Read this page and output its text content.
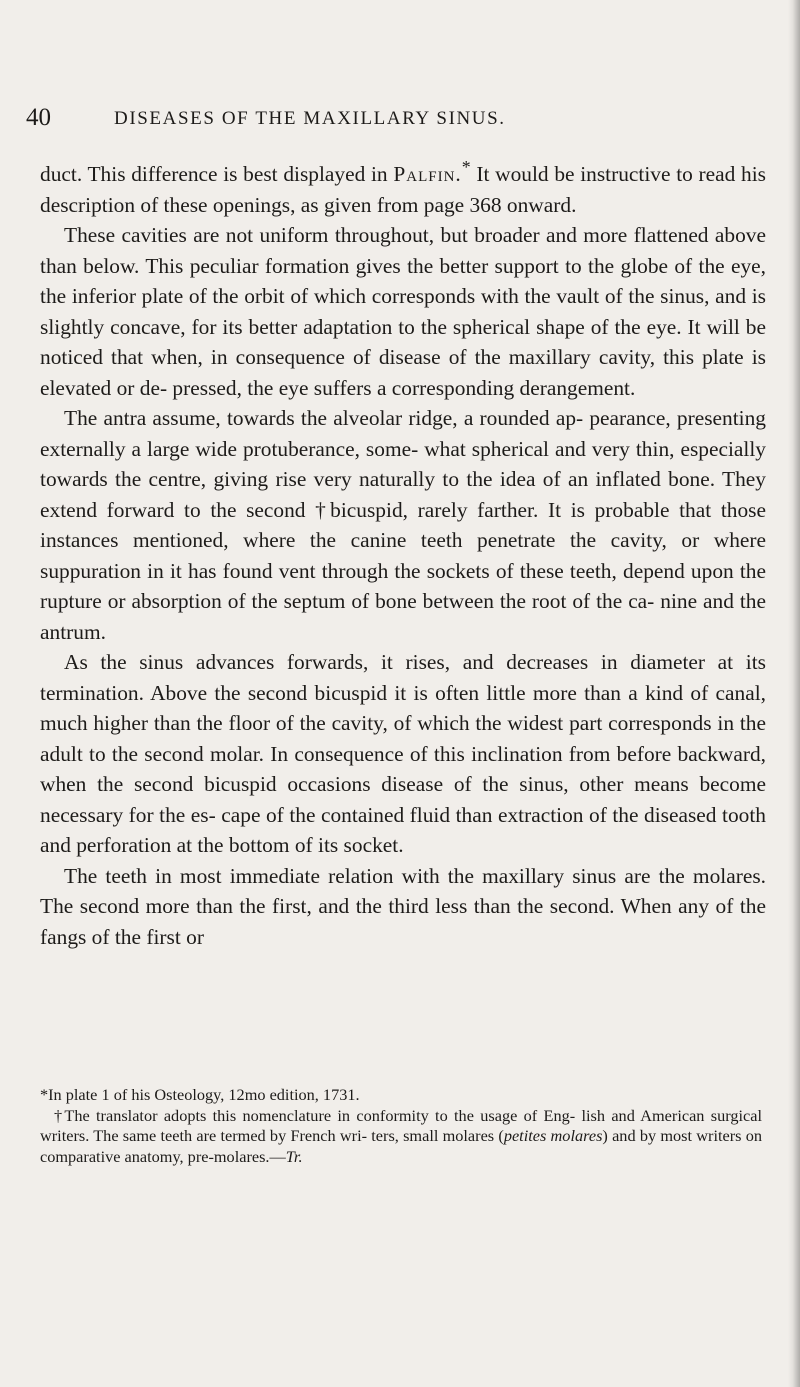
40	DISEASES OF THE MAXILLARY SINUS.

duct. This difference is best displayed in Palfin.* It would be instructive to read his description of these openings, as given from page 368 onward.

These cavities are not uniform throughout, but broader and more flattened above than below. This peculiar formation gives the better support to the globe of the eye, the inferior plate of the orbit of which corresponds with the vault of the sinus, and is slightly concave, for its better adaptation to the spherical shape of the eye. It will be noticed that when, in consequence of disease of the maxillary cavity, this plate is elevated or de- pressed, the eye suffers a corresponding derangement.

The antra assume, towards the alveolar ridge, a rounded ap- pearance, presenting externally a large wide protuberance, some- what spherical and very thin, especially towards the centre, giving rise very naturally to the idea of an inflated bone. They extend forward to the second †bicuspid, rarely farther. It is probable that those instances mentioned, where the canine teeth penetrate the cavity, or where suppuration in it has found vent through the sockets of these teeth, depend upon the rupture or absorption of the septum of bone between the root of the ca- nine and the antrum.

As the sinus advances forwards, it rises, and decreases in diameter at its termination. Above the second bicuspid it is often little more than a kind of canal, much higher than the floor of the cavity, of which the widest part corresponds in the adult to the second molar. In consequence of this inclination from before backward, when the second bicuspid occasions disease of the sinus, other means become necessary for the es- cape of the contained fluid than extraction of the diseased tooth and perforation at the bottom of its socket.

The teeth in most immediate relation with the maxillary sinus are the molares. The second more than the first, and the third less than the second. When any of the fangs of the first or

*In plate 1 of his Osteology, 12mo edition, 1731.

†The translator adopts this nomenclature in conformity to the usage of Eng- lish and American surgical writers. The same teeth are termed by French wri- ters, small molares (petites molares) and by most writers on comparative anatomy, pre-molares.—Tr.
